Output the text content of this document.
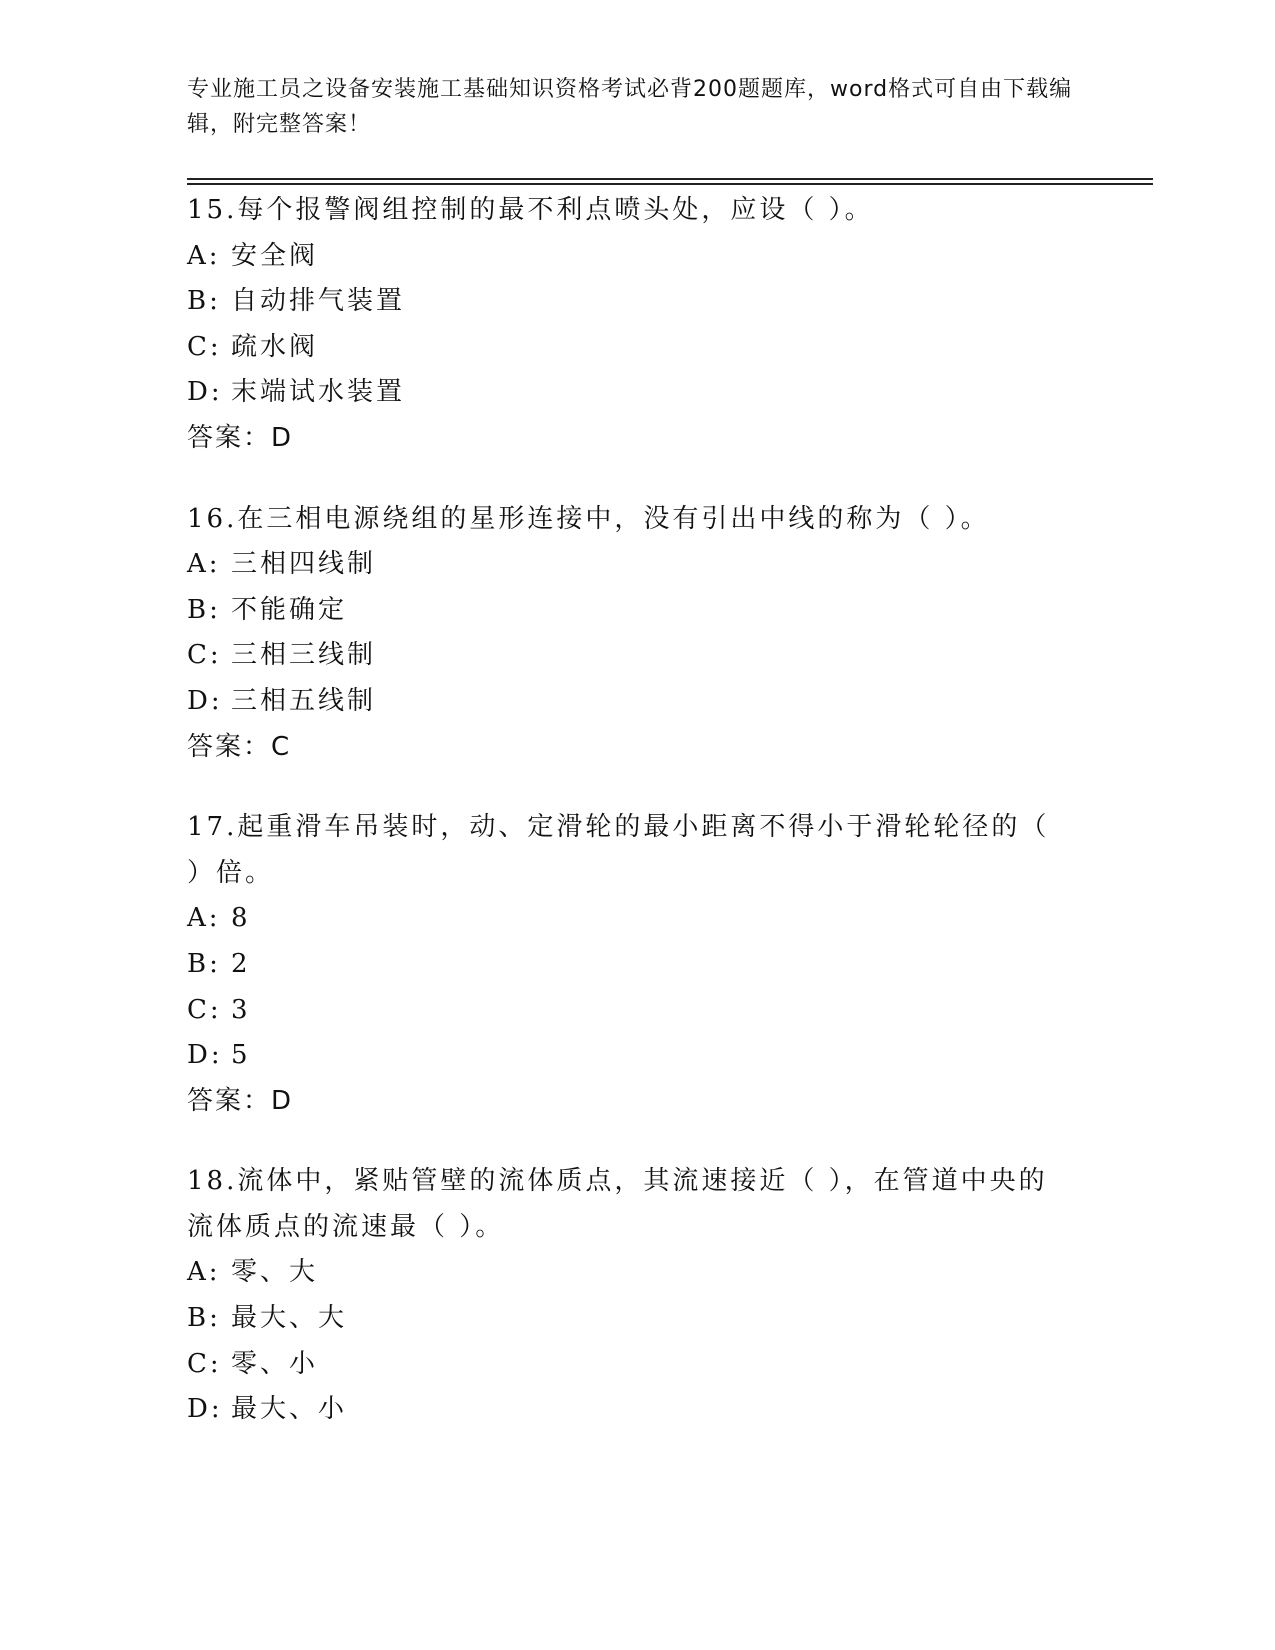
专业施工员之设备安装施工基础知识资格考试必背200题题库，word格式可自由下载编辑，附完整答案！
15.每个报警阀组控制的最不利点喷头处，应设（ ）。
A: 安全阀
B: 自动排气装置
C: 疏水阀
D: 末端试水装置
答案：D
16.在三相电源绕组的星形连接中，没有引出中线的称为（ ）。
A: 三相四线制
B: 不能确定
C: 三相三线制
D: 三相五线制
答案：C
17.起重滑车吊装时，动、定滑轮的最小距离不得小于滑轮轮径的（ ）倍。
A: 8
B: 2
C: 3
D: 5
答案：D
18.流体中，紧贴管壁的流体质点，其流速接近（ ），在管道中央的流体质点的流速最（ ）。
A: 零、大
B: 最大、大
C: 零、小
D: 最大、小
